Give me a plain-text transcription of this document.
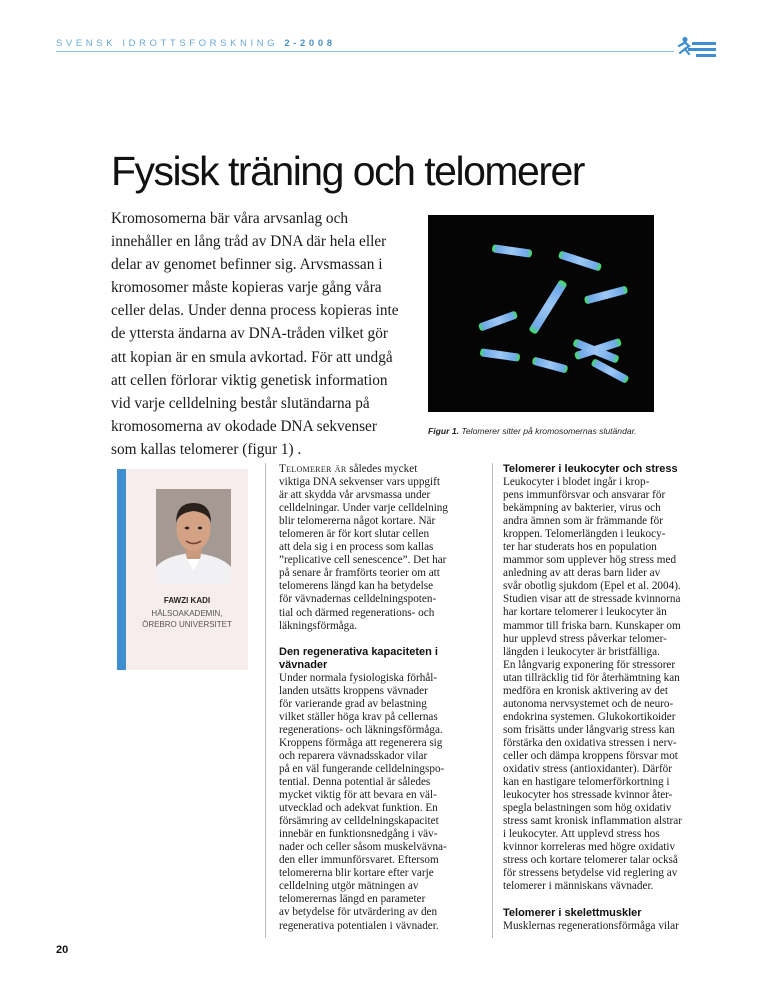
SVENSK IDROTTSFORSKNING 2-2008
Fysisk träning och telomerer

Kromosomerna bär våra arvsanlag och

innehåller en lång tråd av DNA där hela eller

delar av genomet befinner sig. Arvsmassan i

kromosomer måste kopieras varje gång våra

celler delas. Under denna process kopieras inte

de yttersta ändarna av DNA-tråden vilket gör

att kopian är en smula avkortad. För att undgå

att cellen förlorar viktig genetisk information

vid varje celldelning består slutändarna på

kromosomerna av okodade DNA sekvenser

som kallas telomerer (figur 1) .

Figur 1. Telomerer sitter på kromosomernas slutändar.
FAWZI KADI
HÄLSOAKADEMIN,
ÖREBRO UNIVERSITET

Telomerer är således mycket

viktiga DNA sekvenser vars uppgift

är att skydda vår arvsmassa under

celldelningar. Under varje celldelning

blir telomererna något kortare. När

telomeren är för kort slutar cellen

att dela sig i en process som kallas

”replicative cell senescence”. Det har

på senare år framförts teorier om att

telomerens längd kan ha betydelse

för vävnadernas celldelningspoten-

tial och därmed regenerations- och

läkningsförmåga.

Den regenerativa kapaciteten i
vävnader

Under normala fysiologiska förhål-

landen utsätts kroppens vävnader

för varierande grad av belastning

vilket ställer höga krav på cellernas

regenerations- och läkningsförmåga.

Kroppens förmåga att regenerera sig

och reparera vävnadsskador vilar

på en väl fungerande celldelningspo-

tential. Denna potential är således

mycket viktig för att bevara en väl-

utvecklad och adekvat funktion. En

försämring av celldelningskapacitet

innebär en funktionsnedgång i väv-

nader och celler såsom muskelvävna-

den eller immunförsvaret. Eftersom

telomererna blir kortare efter varje

celldelning utgör mätningen av

telomerernas längd en parameter

av betydelse för utvärdering av den

regenerativa potentialen i vävnader.

Telomerer i leukocyter och stress

Leukocyter i blodet ingår i krop-

pens immunförsvar och ansvarar för

bekämpning av bakterier, virus och

andra ämnen som är främmande för

kroppen. Telomerlängden i leukocy-

ter har studerats hos en population

mammor som upplever hög stress med

anledning av att deras barn lider av

svår obotlig sjukdom (Epel et al. 2004).

Studien visar att de stressade kvinnorna

har kortare telomerer i leukocyter än

mammor till friska barn. Kunskaper om

hur upplevd stress påverkar telomer-

längden i leukocyter är bristfälliga.

En långvarig exponering för stressorer

utan tillräcklig tid för återhämtning kan

medföra en kronisk aktivering av det

autonoma nervsystemet och de neuro-

endokrina systemen. Glukokortikoider

som frisätts under långvarig stress kan

förstärka den oxidativa stressen i nerv-

celler och dämpa kroppens försvar mot

oxidativ stress (antioxidanter). Därför

kan en hastigare telomerförkortning i

leukocyter hos stressade kvinnor åter-

spegla belastningen som hög oxidativ

stress samt kronisk inflammation alstrar

i leukocyter. Att upplevd stress hos

kvinnor korreleras med högre oxidativ

stress och kortare telomerer talar också

för stressens betydelse vid reglering av

telomerer i människans vävnader.

Telomerer i skelettmuskler

Musklernas regenerationsförmåga vilar

20
